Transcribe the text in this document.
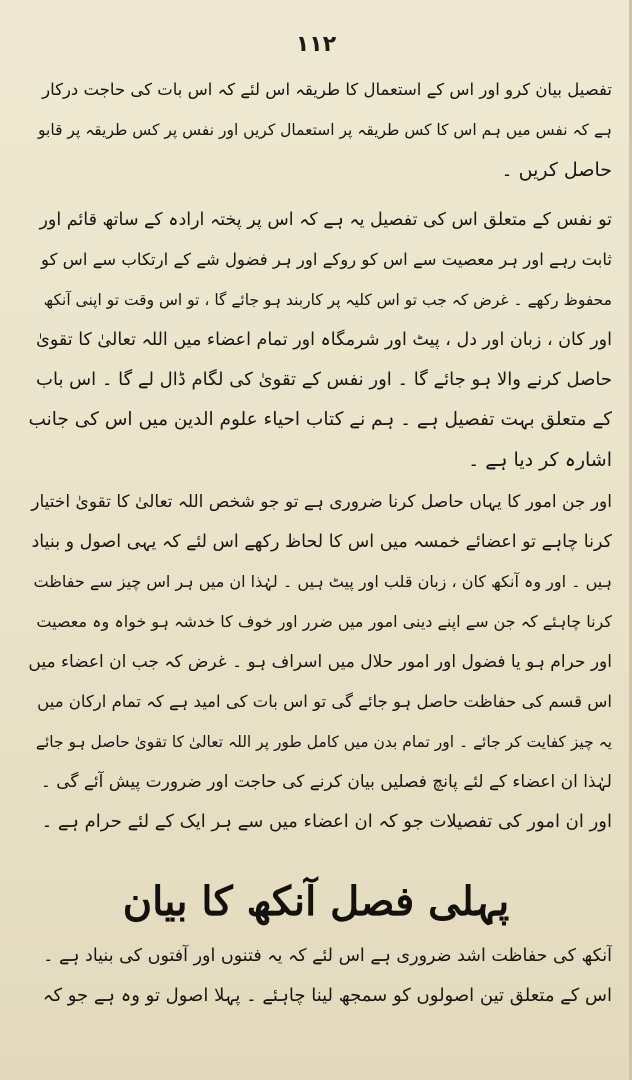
۱۱۲
تفصیل بیان کرو اور اس کے استعمال کا طریقہ اس لئے کہ اس بات کی حاجت درکار
ہے کہ نفس میں ہم اس کا کس طریقہ پر استعمال کریں اور نفس پر کس طریقہ پر قابو
حاصل کریں ۔
تو نفس کے متعلق اس کی تفصیل یہ ہے کہ اس پر پختہ ارادہ کے ساتھ قائم اور
ثابت رہے اور ہر معصیت سے اس کو روکے اور ہر فضول شے کے ارتکاب سے اس کو
محفوظ رکھے ۔ غرض کہ جب تو اس کلیہ پر کاربند ہو جائے گا ، تو اس وقت تو اپنی آنکھ
اور کان ، زبان اور دل ، پیٹ اور شرمگاہ اور تمام اعضاء میں اللہ تعالیٰ کا تقویٰ
حاصل کرنے والا ہو جائے گا ۔ اور نفس کے تقویٰ کی لگام ڈال لے گا ۔ اس باب
کے متعلق بہت تفصیل ہے ۔ ہم نے کتاب احیاء علوم الدین میں اس کی جانب
اشارہ کر دیا ہے ۔
اور جن امور کا یہاں حاصل کرنا ضروری ہے تو جو شخص اللہ تعالیٰ کا تقویٰ اختیار
کرنا چاہے تو اعضائے خمسہ میں اس کا لحاظ رکھے اس لئے کہ یہی اصول و بنیاد
ہیں ۔ اور وہ آنکھ کان ، زبان قلب اور پیٹ ہیں ۔ لہٰذا ان میں ہر اس چیز سے حفاظت
کرنا چاہئے کہ جن سے اپنے دینی امور میں ضرر اور خوف کا خدشہ ہو خواہ وہ معصیت
اور حرام ہو یا فضول اور امور حلال میں اسراف ہو ۔ غرض کہ جب ان اعضاء میں
اس قسم کی حفاظت حاصل ہو جائے گی تو اس بات کی امید ہے کہ تمام ارکان میں
یہ چیز کفایت کر جائے ۔ اور تمام بدن میں کامل طور پر اللہ تعالیٰ کا تقویٰ حاصل ہو جائے
لہٰذا ان اعضاء کے لئے پانچ فصلیں بیان کرنے کی حاجت اور ضرورت پیش آئے گی ۔
اور ان امور کی تفصیلات جو کہ ان اعضاء میں سے ہر ایک کے لئے حرام ہے ۔
پہلی فصل آنکھ کا بیان
آنکھ کی حفاظت اشد ضروری ہے اس لئے کہ یہ فتنوں اور آفتوں کی بنیاد ہے ۔
اس کے متعلق تین اصولوں کو سمجھ لینا چاہئے ۔ پہلا اصول تو وہ ہے جو کہ
